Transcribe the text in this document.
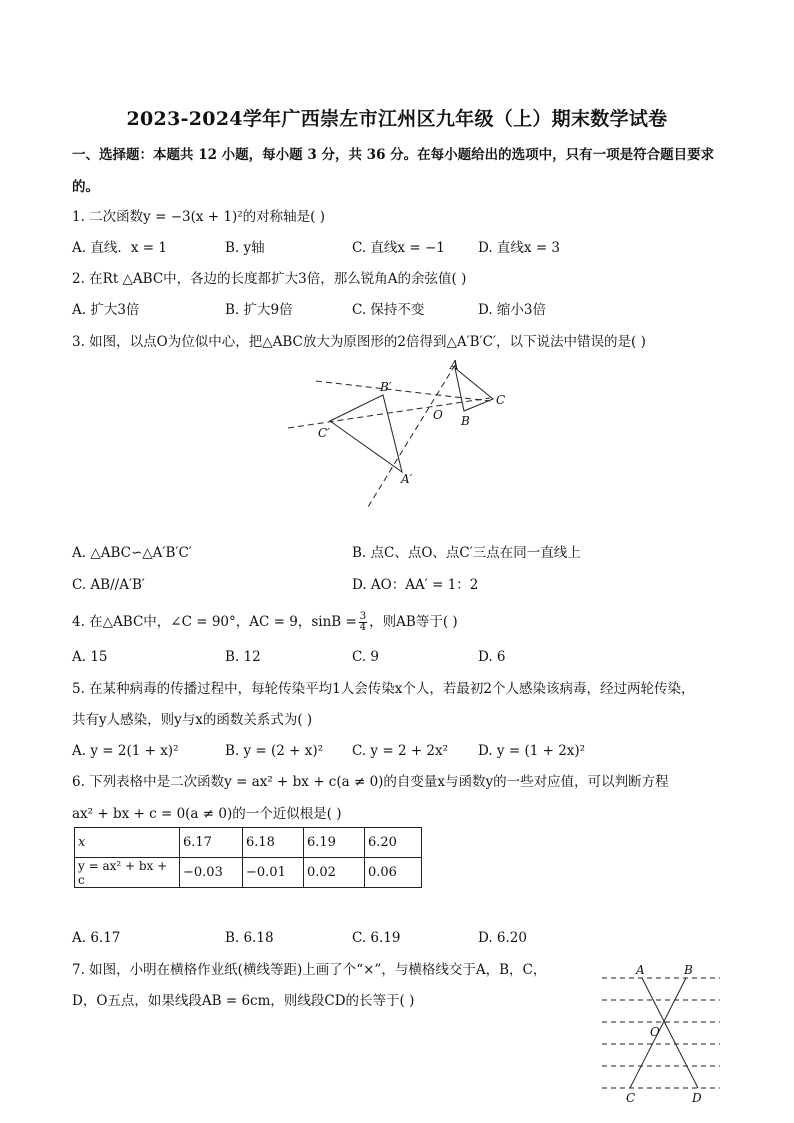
2023-2024学年广西崇左市江州区九年级（上）期末数学试卷
一、选择题：本题共 12 小题，每小题 3 分，共 36 分。在每小题给出的选项中，只有一项是符合题目要求
的。
1. 二次函数y = −3(x + 1)²的对称轴是( )
A. 直线．x = 1	B. y轴	C. 直线x = −1 D. 直线x = 3
2. 在Rt △ABC中，各边的长度都扩大3倍，那么锐角A的余弦值( )
A. 扩大3倍	B. 扩大9倍	C. 保持不变	D. 缩小3倍
3. 如图，以点O为位似中心，把△ABC放大为原图形的2倍得到△A′B′C′，以下说法中错误的是( )
A
C
B
O
B′
C′
A′
A. △ABC∽△A′B′C′	B. 点C、点O、点C′三点在同一直线上
C. AB//A′B′	D. AO：AA′ = 1：2
4. 在△ABC中，∠C = 90°，AC = 9，$\sin B = \frac{3}{4}$ ，则AB等于( )
A. 15	B. 12	C. 9	D. 6
5. 在某种病毒的传播过程中，每轮传染平均1人会传染x个人，若最初2个人感染该病毒，经过两轮传染，
共有y人感染，则y与x的函数关系式为( )
A. y = 2(1 + x)²	B. y = (2 + x)² C. y = 2 + 2x² D. y = (1 + 2x)²
6. 下列表格中是二次函数y = ax² + bx + c(a ≠ 0)的自变量x与函数y的一些对应值，可以判断方程
ax² + bx + c = 0(a ≠ 0)的一个近似根是( )
x	6.17	6.18	6.19	6.20
y = ax² + bx + c	−0.03	−0.01	0.02	0.06
A. 6.17	B. 6.18	C. 6.19	D. 6.20
7. 如图，小明在横格作业纸(横线等距)上画了个“×”，与横格线交于A，B，C，
D，O五点，如果线段AB = 6cm，则线段CD的长等于( )
A	B
O
C	D
